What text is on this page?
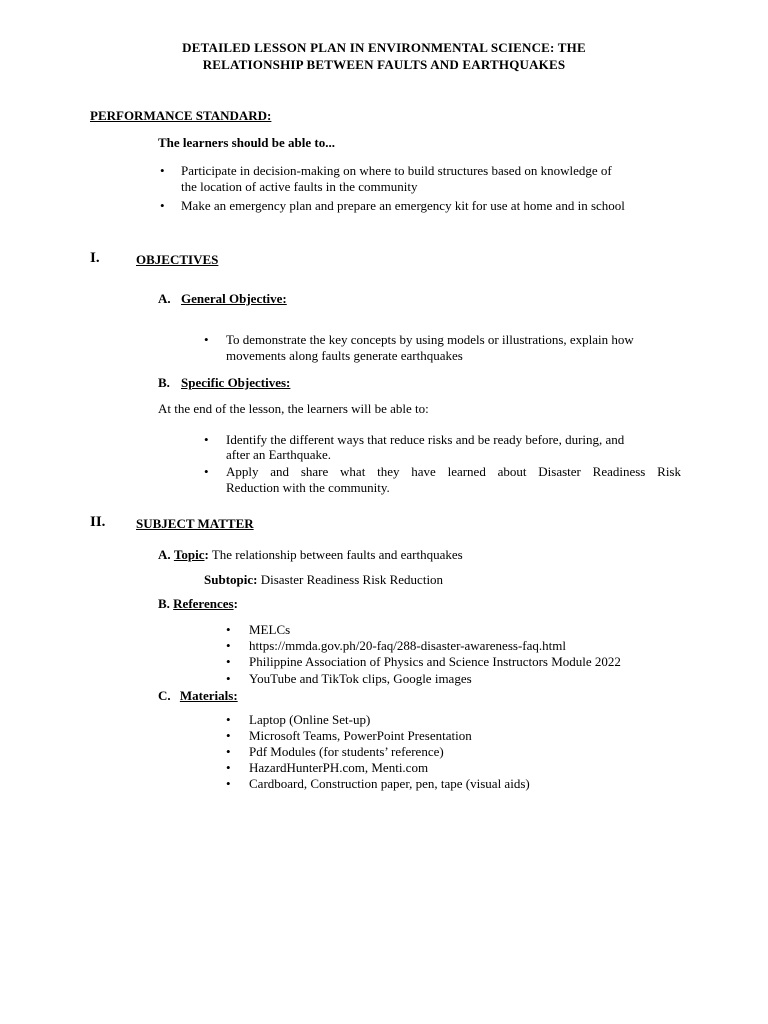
DETAILED LESSON PLAN IN ENVIRONMENTAL SCIENCE: THE
RELATIONSHIP BETWEEN FAULTS AND EARTHQUAKES
PERFORMANCE STANDARD:
The learners should be able to...
• Participate in decision-making on where to build structures based on knowledge of
the location of active faults in the community
• Make an emergency plan and prepare an emergency kit for use at home and in school
I.	OBJECTIVES
A. General Objective:
• To demonstrate the key concepts by using models or illustrations, explain how
movements along faults generate earthquakes
B. Specific Objectives:
At the end of the lesson, the learners will be able to:
• Identify the different ways that reduce risks and be ready before, during, and
after an Earthquake.
• Apply and share what they have learned about Disaster Readiness Risk
Reduction with the community.
II. SUBJECT MATTER
A. Topic: The relationship between faults and earthquakes
Subtopic: Disaster Readiness Risk Reduction
B. References:
• MELCs
• https://mmda.gov.ph/20-faq/288-disaster-awareness-faq.html
• Philippine Association of Physics and Science Instructors Module 2022
• YouTube and TikTok clips, Google images
C. Materials:
• Laptop (Online Set-up)
• Microsoft Teams, PowerPoint Presentation
• Pdf Modules (for students’ reference)
• HazardHunterPH.com, Menti.com
• Cardboard, Construction paper, pen, tape (visual aids)
